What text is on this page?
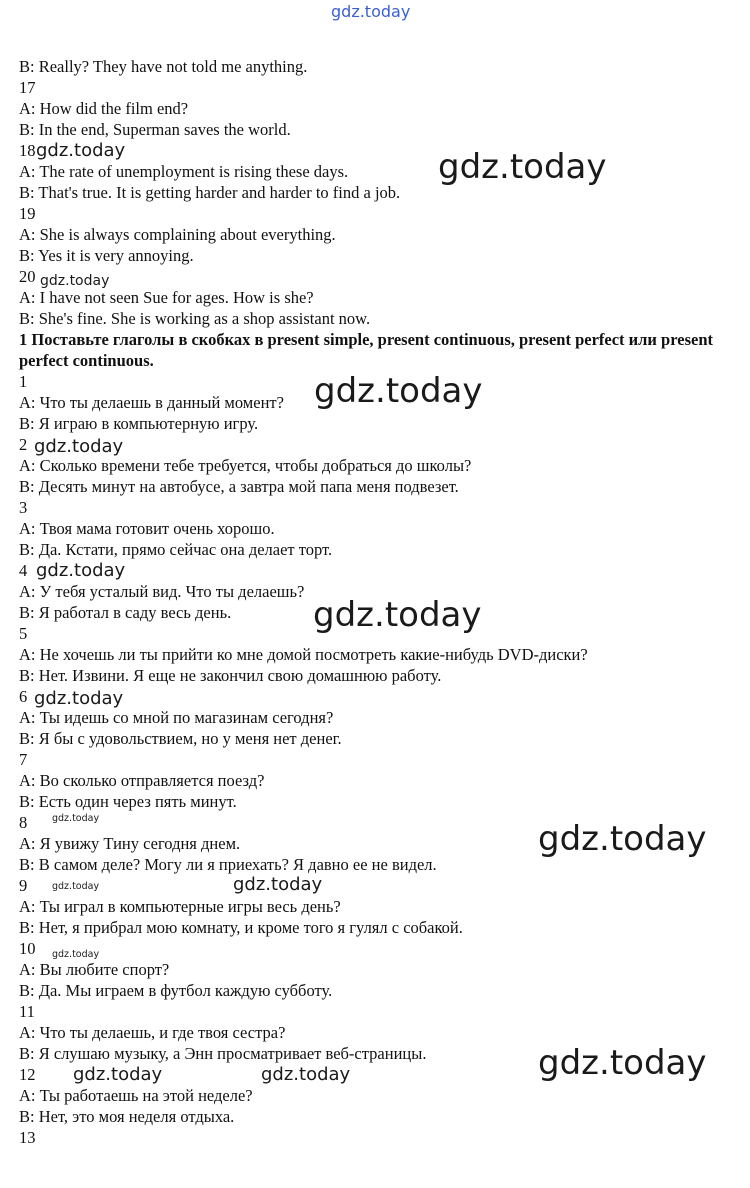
gdz.today
B: Really? They have not told me anything.
17
A: How did the film end?
B: In the end, Superman saves the world.
18
A: The rate of unemployment is rising these days.
B: That's true. It is getting harder and harder to find a job.
19
A: She is always complaining about everything.
B: Yes it is very annoying.
20
A: I have not seen Sue for ages. How is she?
B: She's fine. She is working as a shop assistant now.
1 Поставьте глаголы в скобках в present simple, present continuous, present perfect или present perfect continuous.
1
A: Что ты делаешь в данный момент?
B: Я играю в компьютерную игру.
2
A: Сколько времени тебе требуется, чтобы добраться до школы?
B: Десять минут на автобусе, а завтра мой папа меня подвезет.
3
A: Твоя мама готовит очень хорошо.
B: Да. Кстати, прямо сейчас она делает торт.
4
A: У тебя усталый вид. Что ты делаешь?
B: Я работал в саду весь день.
5
A: Не хочешь ли ты прийти ко мне домой посмотреть какие-нибудь DVD-диски?
B: Нет. Извини. Я еще не закончил свою домашнюю работу.
6
A: Ты идешь со мной по магазинам сегодня?
B: Я бы с удовольствием, но у меня нет денег.
7
A: Во сколько отправляется поезд?
B: Есть один через пять минут.
8
A: Я увижу Тину сегодня днем.
B: В самом деле? Могу ли я приехать? Я давно ее не видел.
9
A: Ты играл в компьютерные игры весь день?
B: Нет, я прибрал мою комнату, и кроме того я гулял с собакой.
10
A: Вы любите спорт?
B: Да. Мы играем в футбол каждую субботу.
11
A: Что ты делаешь, и где твоя сестра?
B: Я слушаю музыку, а Энн просматривает веб-страницы.
12
A: Ты работаешь на этой неделе?
B: Нет, это моя неделя отдыха.
13
gdz.today	gdz.today
gdz.today
gdz.today
gdz.today
gdz.today
gdz.today
gdz.today
gdz.today
gdz.today
gdz.today
gdz.today
gdz.today
gdz.today
gdz.today	gdz.today
